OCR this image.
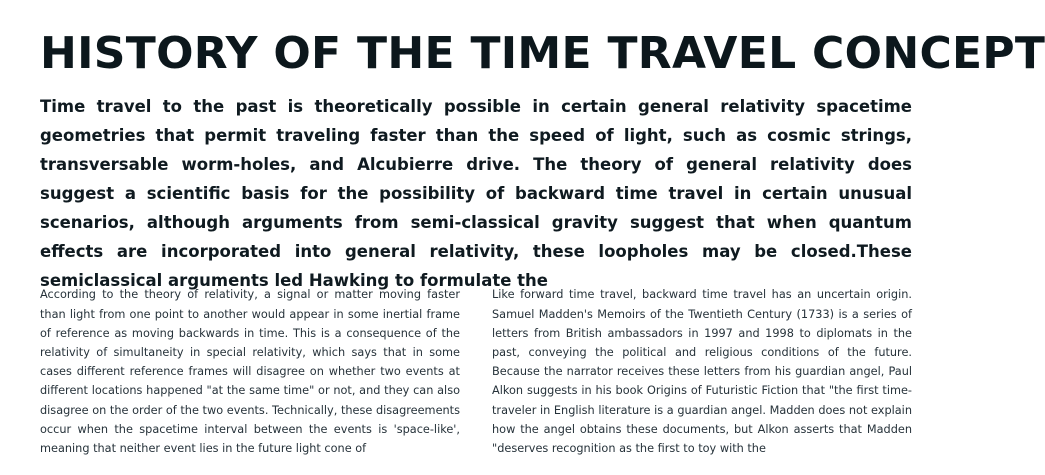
HISTORY OF THE TIME TRAVEL CONCEPT

Time travel to the past is theoretically possible in certain general relativity spacetime geometries that permit traveling faster than the speed of light, such as cosmic strings, transversable worm-holes, and Alcubierre drive. The theory of general relativity does suggest a scientific basis for the possibility of backward time travel in certain unusual scenarios, although arguments from semi-classical gravity suggest that when quantum effects are incorporated into general relativity, these loopholes may be closed.These semiclassical arguments led Hawking to formulate the

According to the theory of relativity, a signal or matter moving faster than light from one point to another would appear in some inertial frame of reference as moving backwards in time. This is a consequence of the relativity of simultaneity in special relativity, which says that in some cases different reference frames will disagree on whether two events at different locations happened "at the same time" or not, and they can also disagree on the order of the two events. Technically, these disagreements occur when the spacetime interval between the events is 'space-like', meaning that neither event lies in the future light cone of

Like forward time travel, backward time travel has an uncertain origin. Samuel Madden's Memoirs of the Twentieth Century (1733) is a series of letters from British ambassadors in 1997 and 1998 to diplomats in the past, conveying the political and religious conditions of the future. Because the narrator receives these letters from his guardian angel, Paul Alkon suggests in his book Origins of Futuristic Fiction that "the first time-traveler in English literature is a guardian angel. Madden does not explain how the angel obtains these documents, but Alkon asserts that Madden "deserves recognition as the first to toy with the
